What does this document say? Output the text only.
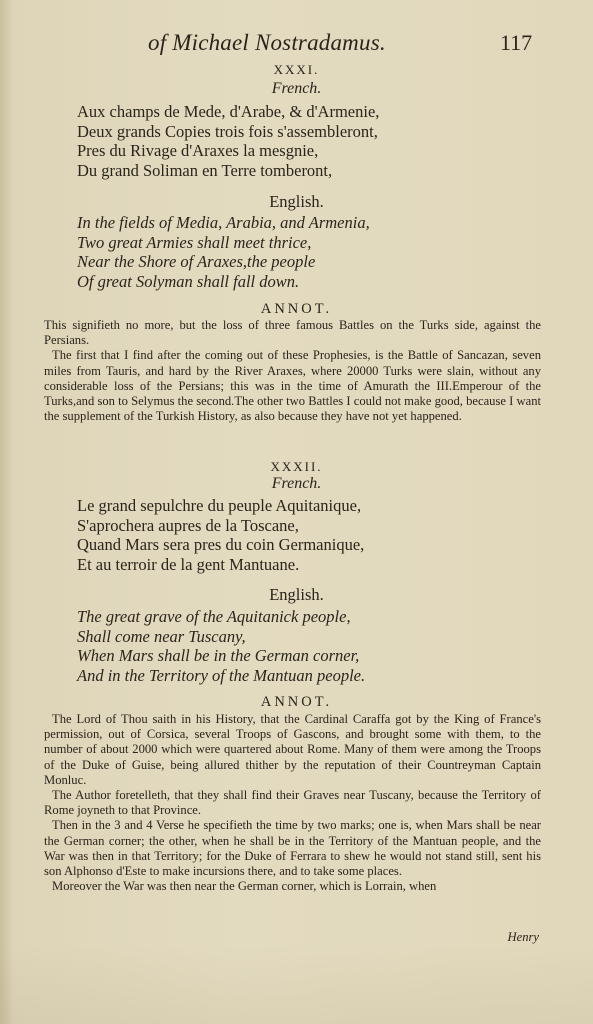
of Michael Nostradamus.	117
XXXI.
French.
Aux champs de Mede, d'Arabe, & d'Armenie,
Deux grands Copies trois fois s'assembleront,
Pres du Rivage d'Araxes la mesgnie,
Du grand Soliman en Terre tomberont,
English.
In the fields of Media, Arabia, and Armenia,
Two great Armies shall meet thrice,
Near the Shore of Araxes,the people
Of great Solyman shall fall down.
ANNOT.

This signifieth no more, but the loss of three famous Battles on the Turks side, against the Persians.

The first that I find after the coming out of these Prophesies, is the Battle of Sancazan, seven miles from Tauris, and hard by the River Araxes, where 20000 Turks were slain, without any considerable loss of the Persians; this was in the time of Amurath the III.Emperour of the Turks,and son to Selymus the second.The other two Battles I could not make good, because I want the supplement of the Turkish History, as also because they have not yet happened.

XXXII.
French.
Le grand sepulchre du peuple Aquitanique,
S'aprochera aupres de la Toscane,
Quand Mars sera pres du coin Germanique,
Et au terroir de la gent Mantuane.
English.
The great grave of the Aquitanick people,
Shall come near Tuscany,
When Mars shall be in the German corner,
And in the Territory of the Mantuan people.
ANNOT.

The Lord of Thou saith in his History, that the Cardinal Caraffa got by the King of France's permission, out of Corsica, several Troops of Gascons, and brought some with them, to the number of about 2000 which were quartered about Rome. Many of them were among the Troops of the Duke of Guise, being allured thither by the reputation of their Countreyman Captain Monluc.

The Author foretelleth, that they shall find their Graves near Tuscany, because the Territory of Rome joyneth to that Province.

Then in the 3 and 4 Verse he specifieth the time by two marks; one is, when Mars shall be near the German corner; the other, when he shall be in the Territory of the Mantuan people, and the War was then in that Territory; for the Duke of Ferrara to shew he would not stand still, sent his son Alphonso d'Este to make incursions there, and to take some places.

Moreover the War was then near the German corner, which is Lorrain, when

Henry
